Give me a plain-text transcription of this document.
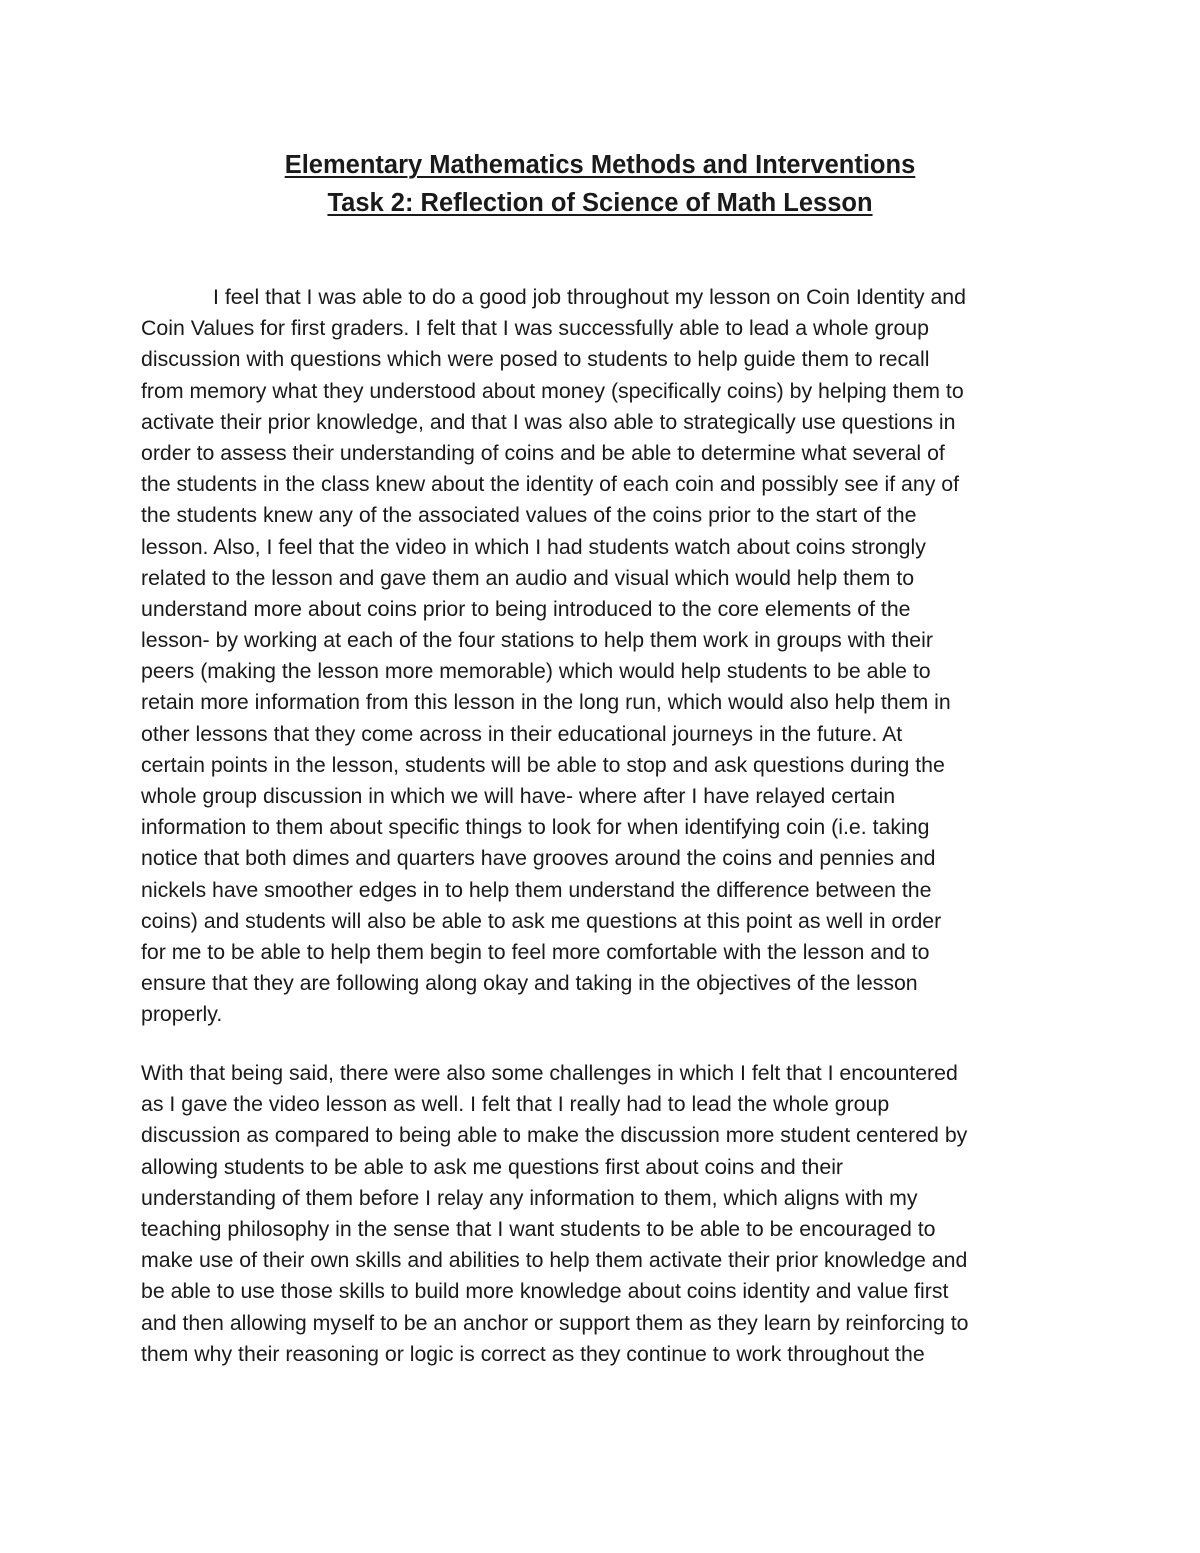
Elementary Mathematics Methods and Interventions

Task 2: Reflection of Science of Math Lesson

I feel that I was able to do a good job throughout my lesson on Coin Identity and
Coin Values for first graders. I felt that I was successfully able to lead a whole group
discussion with questions which were posed to students to help guide them to recall
from memory what they understood about money (specifically coins) by helping them to
activate their prior knowledge, and that I was also able to strategically use questions in
order to assess their understanding of coins and be able to determine what several of
the students in the class knew about the identity of each coin and possibly see if any of
the students knew any of the associated values of the coins prior to the start of the
lesson. Also, I feel that the video in which I had students watch about coins strongly
related to the lesson and gave them an audio and visual which would help them to
understand more about coins prior to being introduced to the core elements of the
lesson- by working at each of the four stations to help them work in groups with their
peers (making the lesson more memorable) which would help students to be able to
retain more information from this lesson in the long run, which would also help them in
other lessons that they come across in their educational journeys in the future. At
certain points in the lesson, students will be able to stop and ask questions during the
whole group discussion in which we will have- where after I have relayed certain
information to them about specific things to look for when identifying coin (i.e. taking
notice that both dimes and quarters have grooves around the coins and pennies and
nickels have smoother edges in to help them understand the difference between the
coins) and students will also be able to ask me questions at this point as well in order
for me to be able to help them begin to feel more comfortable with the lesson and to
ensure that they are following along okay and taking in the objectives of the lesson
properly.
With that being said, there were also some challenges in which I felt that I encountered
as I gave the video lesson as well. I felt that I really had to lead the whole group
discussion as compared to being able to make the discussion more student centered by
allowing students to be able to ask me questions first about coins and their
understanding of them before I relay any information to them, which aligns with my
teaching philosophy in the sense that I want students to be able to be encouraged to
make use of their own skills and abilities to help them activate their prior knowledge and
be able to use those skills to build more knowledge about coins identity and value first
and then allowing myself to be an anchor or support them as they learn by reinforcing to
them why their reasoning or logic is correct as they continue to work throughout the
